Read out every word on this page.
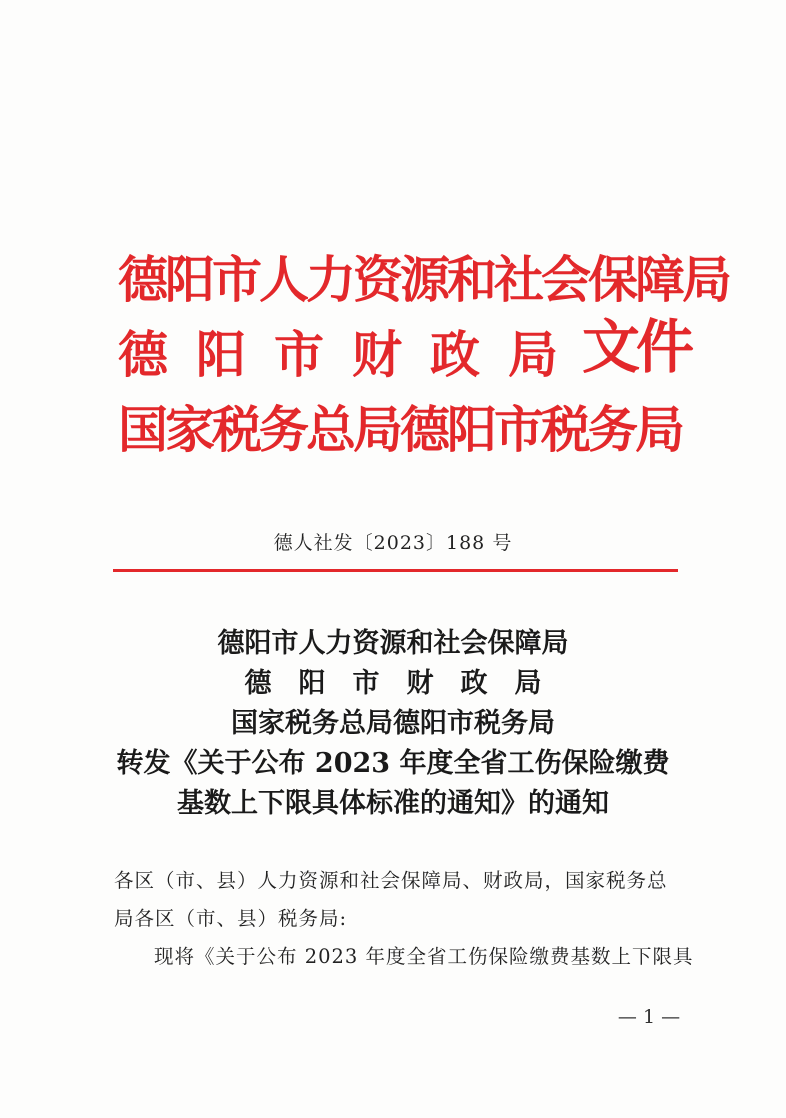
德阳市人力资源和社会保障局
德阳市财政局
国家税务总局德阳市税务局
文件
德人社发〔2023〕188 号
德阳市人力资源和社会保障局
德阳市财政局
国家税务总局德阳市税务局
转发《关于公布 2023 年度全省工伤保险缴费
基数上下限具体标准的通知》的通知
各区（市、县）人力资源和社会保障局、财政局，国家税务总
局各区（市、县）税务局:
现将《关于公布 2023 年度全省工伤保险缴费基数上下限具
— 1 —
